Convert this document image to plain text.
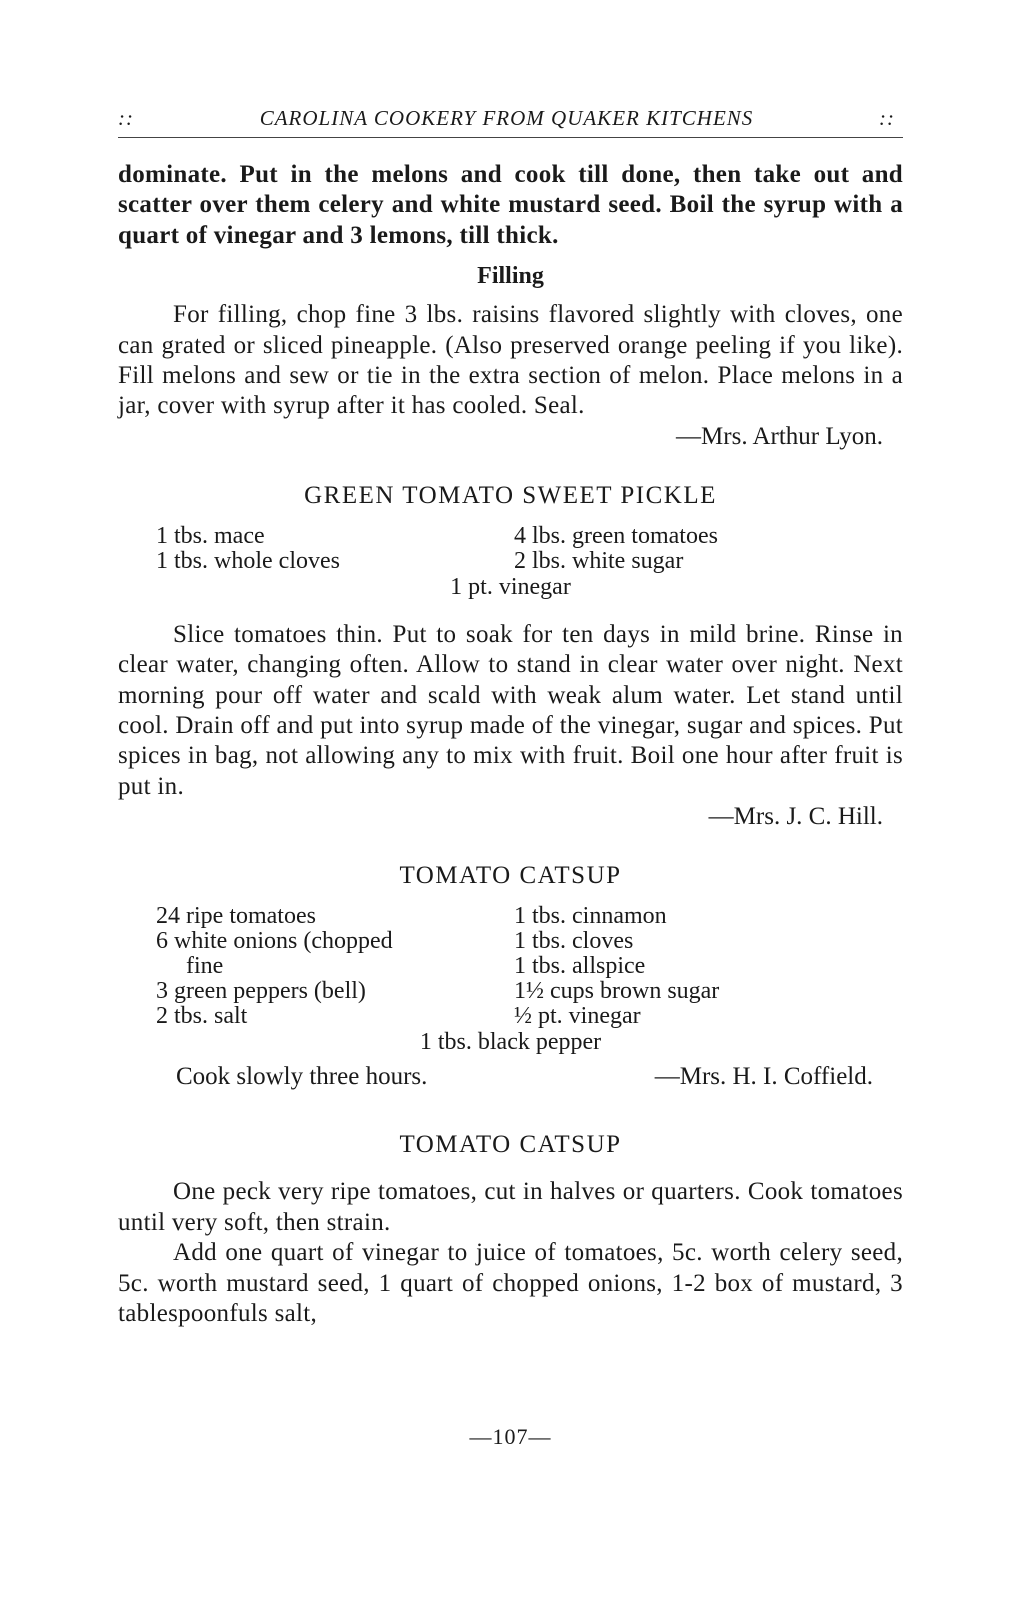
::	CAROLINA COOKERY FROM QUAKER KITCHENS	::

dominate. Put in the melons and cook till done, then take out and scatter over them celery and white mustard seed. Boil the syrup with a quart of vinegar and 3 lemons, till thick.

Filling

For filling, chop fine 3 lbs. raisins flavored slightly with cloves, one can grated or sliced pineapple. (Also preserved orange peeling if you like). Fill melons and sew or tie in the extra section of melon. Place melons in a jar, cover with syrup after it has cooled. Seal.

—Mrs. Arthur Lyon.
GREEN TOMATO SWEET PICKLE
1 tbs. mace	4 lbs. green tomatoes
1 tbs. whole cloves	2 lbs. white sugar
1 pt. vinegar

Slice tomatoes thin. Put to soak for ten days in mild brine. Rinse in clear water, changing often. Allow to stand in clear water over night. Next morning pour off water and scald with weak alum water. Let stand until cool. Drain off and put into syrup made of the vinegar, sugar and spices. Put spices in bag, not allowing any to mix with fruit. Boil one hour after fruit is put in.

—Mrs. J. C. Hill.
TOMATO CATSUP
24 ripe tomatoes	1 tbs. cinnamon
6 white onions (chopped	1 tbs. cloves
fine	1 tbs. allspice
3 green peppers (bell)	1½ cups brown sugar
2 tbs. salt	½ pt. vinegar
1 tbs. black pepper
Cook slowly three hours.	—Mrs. H. I. Coffield.
TOMATO CATSUP

One peck very ripe tomatoes, cut in halves or quarters. Cook tomatoes until very soft, then strain.

Add one quart of vinegar to juice of tomatoes, 5c. worth celery seed, 5c. worth mustard seed, 1 quart of chopped onions, 1-2 box of mustard, 3 tablespoonfuls salt,

—107—
